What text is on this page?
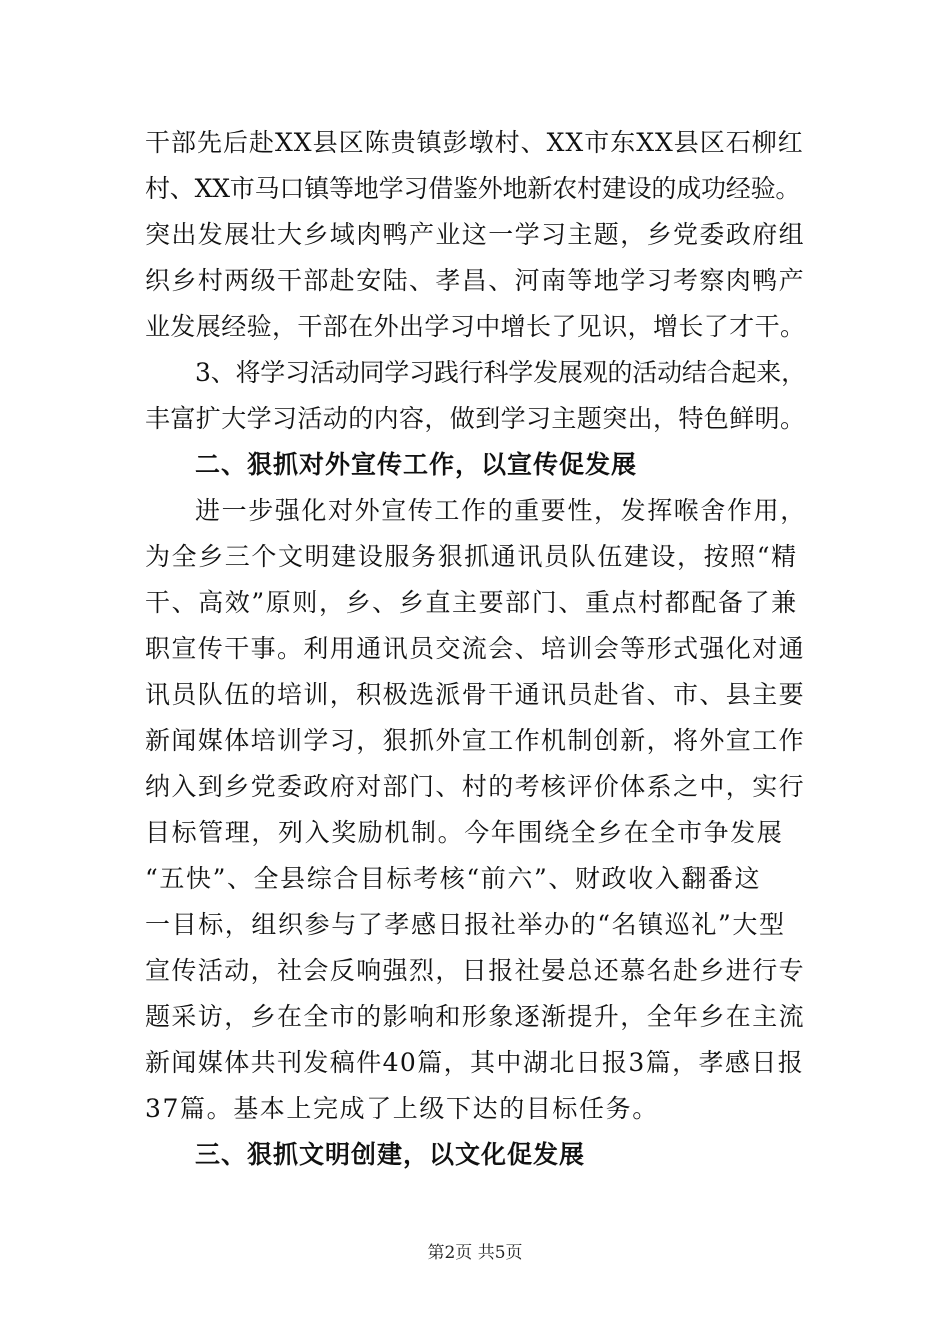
干部先后赴XX县区陈贵镇彭墩村、XX市东XX县区石柳红
村、XX市马口镇等地学习借鉴外地新农村建设的成功经验。
突出发展壮大乡域肉鸭产业这一学习主题，乡党委政府组
织乡村两级干部赴安陆、孝昌、河南等地学习考察肉鸭产
业发展经验，干部在外出学习中增长了见识，增长了才干。
3、将学习活动同学习践行科学发展观的活动结合起来，
丰富扩大学习活动的内容，做到学习主题突出，特色鲜明。
二、狠抓对外宣传工作，以宣传促发展
进一步强化对外宣传工作的重要性，发挥喉舍作用，
为全乡三个文明建设服务狠抓通讯员队伍建设，按照“精
干、高效”原则，乡、乡直主要部门、重点村都配备了兼
职宣传干事。利用通讯员交流会、培训会等形式强化对通
讯员队伍的培训，积极选派骨干通讯员赴省、市、县主要
新闻媒体培训学习，狠抓外宣工作机制创新，将外宣工作
纳入到乡党委政府对部门、村的考核评价体系之中，实行
目标管理，列入奖励机制。今年围绕全乡在全市争发展
“五快”、全县综合目标考核“前六”、财政收入翻番这
一目标，组织参与了孝感日报社举办的“名镇巡礼”大型
宣传活动，社会反响强烈，日报社晏总还慕名赴乡进行专
题采访，乡在全市的影响和形象逐渐提升，全年乡在主流
新闻媒体共刊发稿件40篇，其中湖北日报3篇，孝感日报
37篇。基本上完成了上级下达的目标任务。
三、狠抓文明创建，以文化促发展
第2页 共5页
